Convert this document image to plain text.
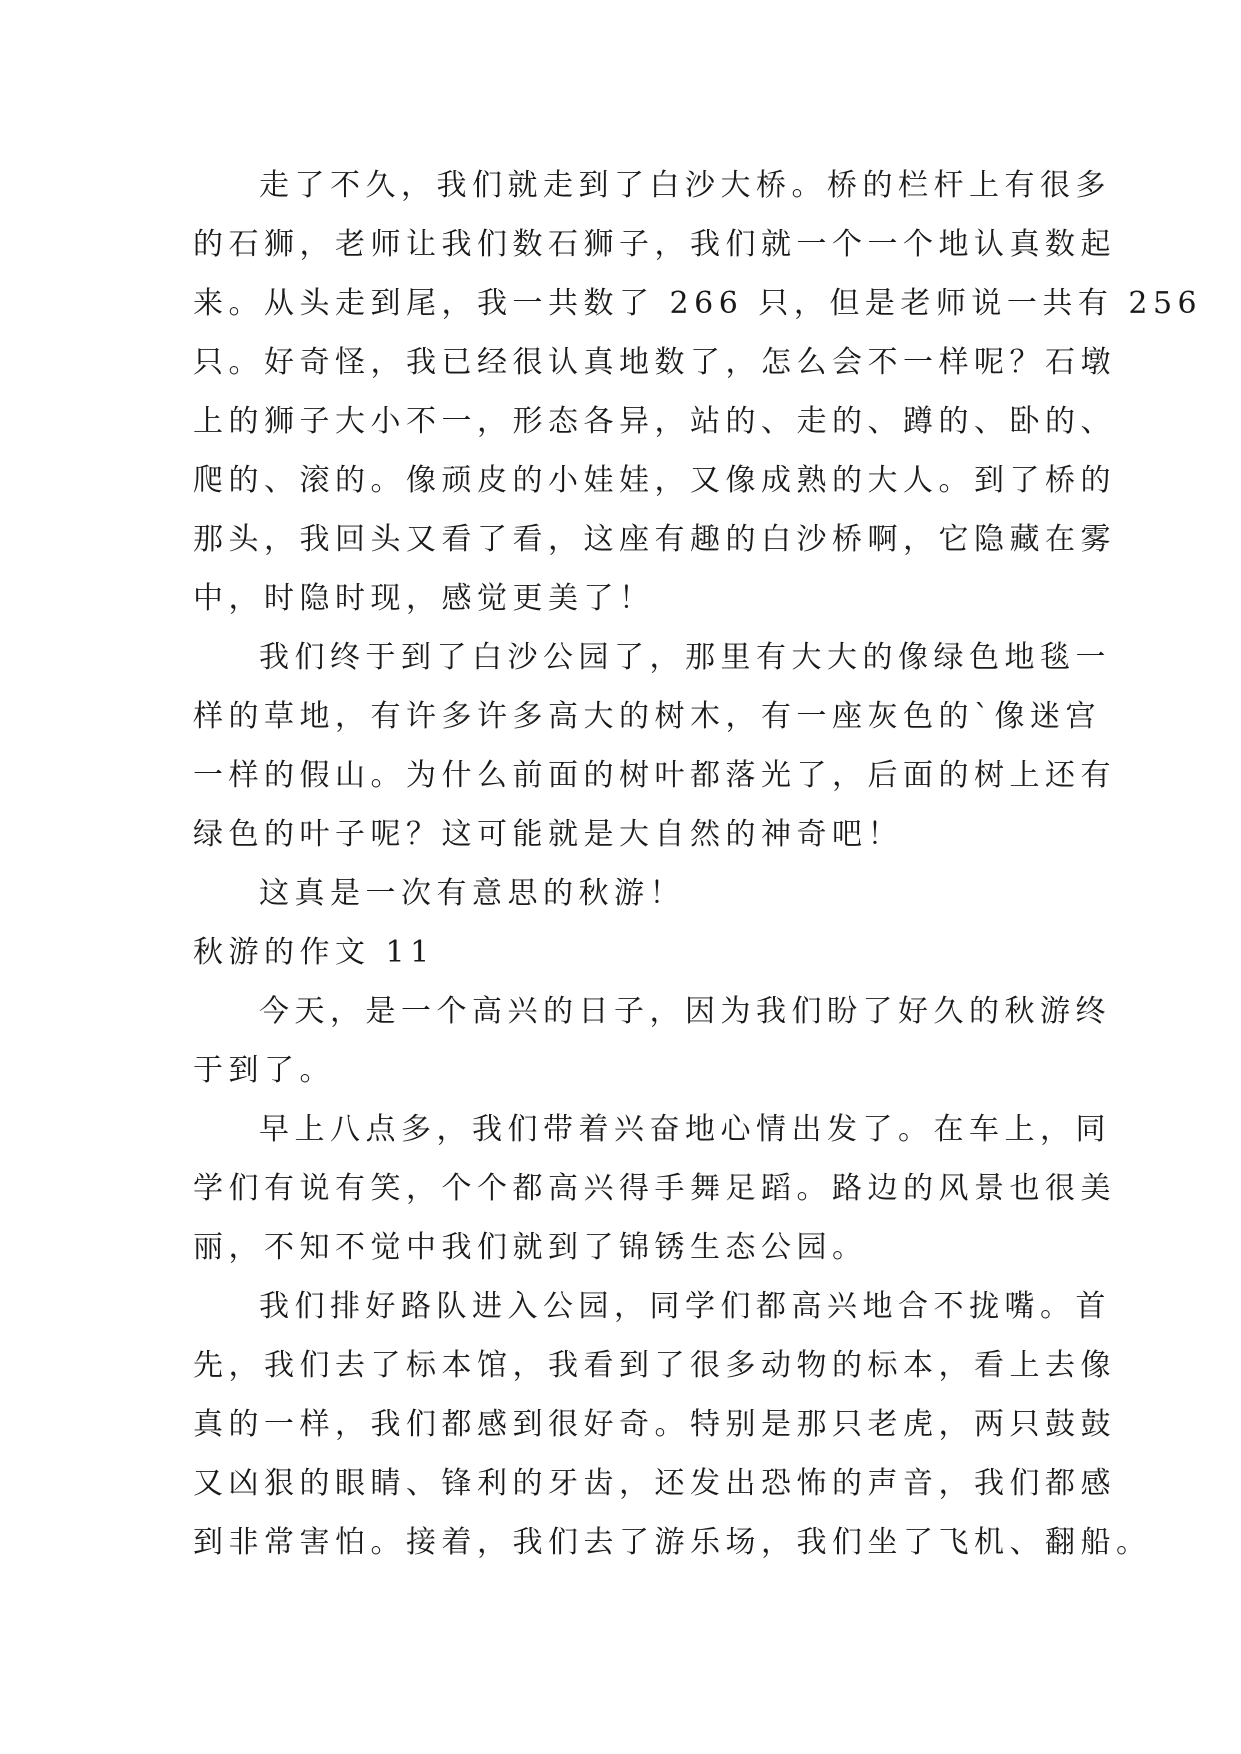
走了不久，我们就走到了白沙大桥。桥的栏杆上有很多
的石狮，老师让我们数石狮子，我们就一个一个地认真数起
来。从头走到尾，我一共数了 266 只，但是老师说一共有 256
只。好奇怪，我已经很认真地数了，怎么会不一样呢？石墩
上的狮子大小不一，形态各异，站的、走的、蹲的、卧的、
爬的、滚的。像顽皮的小娃娃，又像成熟的大人。到了桥的
那头，我回头又看了看，这座有趣的白沙桥啊，它隐藏在雾
中，时隐时现，感觉更美了！
我们终于到了白沙公园了，那里有大大的像绿色地毯一
样的草地，有许多许多高大的树木，有一座灰色的`像迷宫
一样的假山。为什么前面的树叶都落光了，后面的树上还有
绿色的叶子呢？这可能就是大自然的神奇吧！
这真是一次有意思的秋游！
秋游的作文 11
今天，是一个高兴的日子，因为我们盼了好久的秋游终
于到了。
早上八点多，我们带着兴奋地心情出发了。在车上，同
学们有说有笑，个个都高兴得手舞足蹈。路边的风景也很美
丽，不知不觉中我们就到了锦锈生态公园。
我们排好路队进入公园，同学们都高兴地合不拢嘴。首
先，我们去了标本馆，我看到了很多动物的标本，看上去像
真的一样，我们都感到很好奇。特别是那只老虎，两只鼓鼓
又凶狠的眼睛、锋利的牙齿，还发出恐怖的声音，我们都感
到非常害怕。接着，我们去了游乐场，我们坐了飞机、翻船。
